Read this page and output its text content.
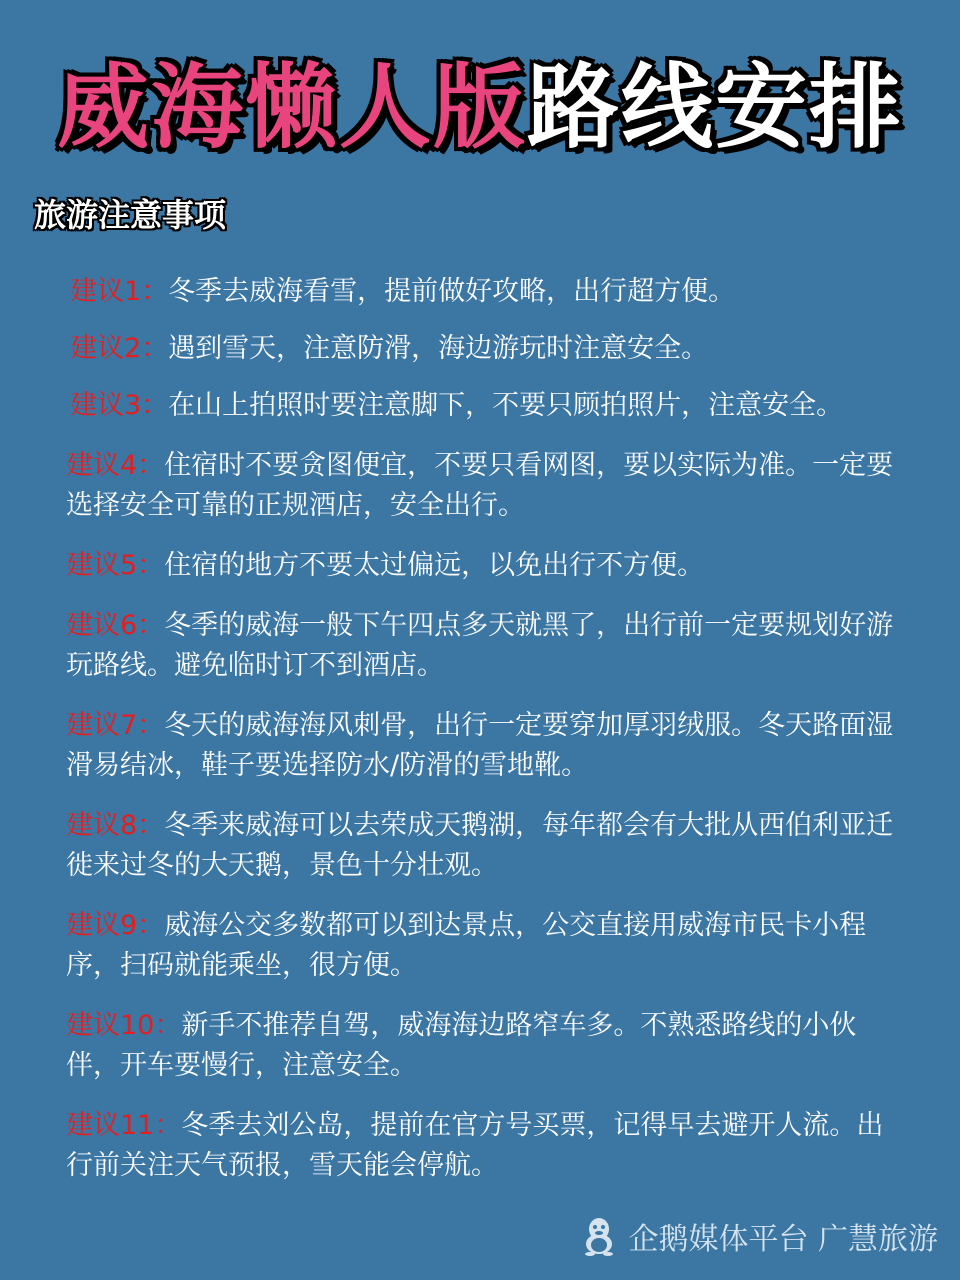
威海懒人版路线安排
旅游注意事项
建议1：冬季去威海看雪，提前做好攻略，出行超方便。
建议2：遇到雪天，注意防滑，海边游玩时注意安全。
建议3：在山上拍照时要注意脚下，不要只顾拍照片，注意安全。
建议4：住宿时不要贪图便宜，不要只看网图，要以实际为准。一定要选择安全可靠的正规酒店，安全出行。
建议5：住宿的地方不要太过偏远，以免出行不方便。
建议6：冬季的威海一般下午四点多天就黑了，出行前一定要规划好游玩路线。避免临时订不到酒店。
建议7：冬天的威海海风刺骨，出行一定要穿加厚羽绒服。冬天路面湿滑易结冰，鞋子要选择防水/防滑的雪地靴。
建议8：冬季来威海可以去荣成天鹅湖，每年都会有大批从西伯利亚迁徙来过冬的大天鹅，景色十分壮观。
建议9：威海公交多数都可以到达景点，公交直接用威海市民卡小程序，扫码就能乘坐，很方便。
建议10：新手不推荐自驾，威海海边路窄车多。不熟悉路线的小伙伴，开车要慢行，注意安全。
建议11：冬季去刘公岛，提前在官方号买票，记得早去避开人流。出行前关注天气预报，雪天能会停航。
企鹅媒体平台 广慧旅游
